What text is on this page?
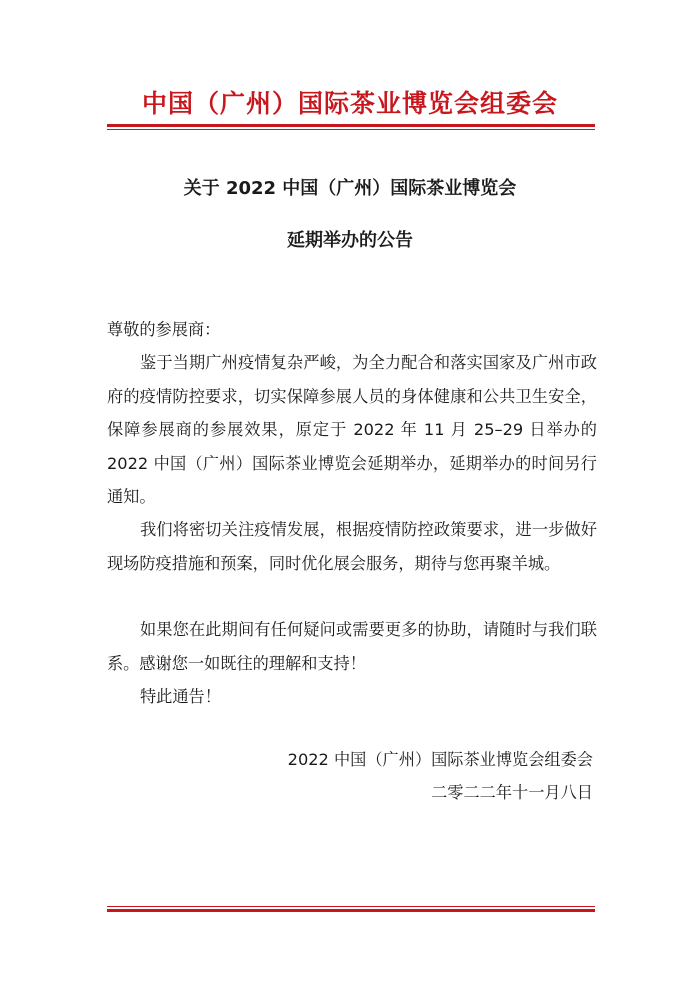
中国（广州）国际茶业博览会组委会
关于 2022 中国（广州）国际茶业博览会
延期举办的公告
尊敬的参展商：
鉴于当期广州疫情复杂严峻，为全力配合和落实国家及广州市政府的疫情防控要求，切实保障参展人员的身体健康和公共卫生安全，保障参展商的参展效果，原定于 2022 年 11 月 25–29 日举办的 2022 中国（广州）国际茶业博览会延期举办，延期举办的时间另行通知。
我们将密切关注疫情发展，根据疫情防控政策要求，进一步做好现场防疫措施和预案，同时优化展会服务，期待与您再聚羊城。
如果您在此期间有任何疑问或需要更多的协助，请随时与我们联系。感谢您一如既往的理解和支持！
特此通告！
2022 中国（广州）国际茶业博览会组委会
二零二二年十一月八日
